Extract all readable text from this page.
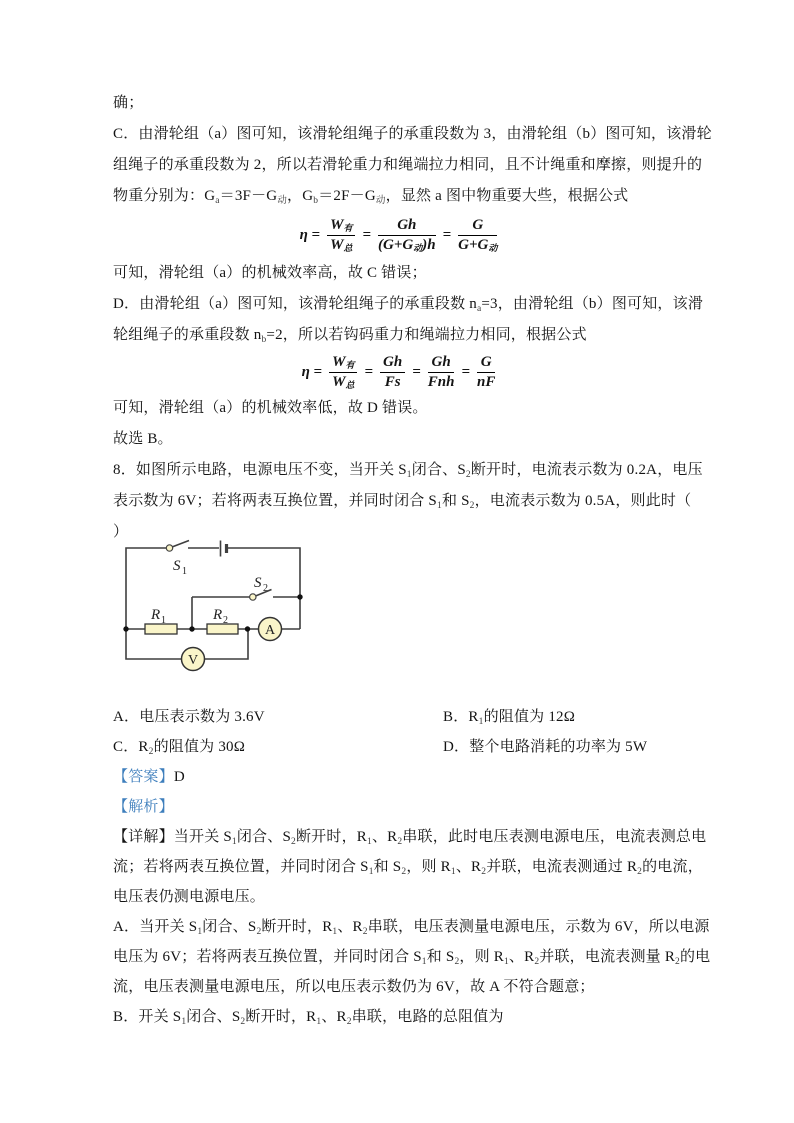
确；
C．由滑轮组（a）图可知，该滑轮组绳子的承重段数为 3，由滑轮组（b）图可知，该滑轮
组绳子的承重段数为 2，所以若滑轮重力和绳端拉力相同，且不计绳重和摩擦，则提升的
物重分别为：$G_a=3F-G_动$，$G_b=2F-G_动$，显然 a 图中物重要大些，根据公式
$\eta = \frac{W_有}{W_总} = \frac{Gh}{(G+G_动)h} = \frac{G}{G+G_动}$
可知，滑轮组（a）的机械效率高，故 C 错误；
D．由滑轮组（a）图可知，该滑轮组绳子的承重段数 $n_a=3$，由滑轮组（b）图可知，该滑
轮组绳子的承重段数 $n_b=2$，所以若钩码重力和绳端拉力相同，根据公式
$\eta = \frac{W_有}{W_总} = \frac{Gh}{Fs} = \frac{Gh}{\text{Fnh}} = \frac{G}{nF}$
可知，滑轮组（a）的机械效率低，故 D 错误。
故选 B。
8．如图所示电路，电源电压不变，当开关 $S_1$闭合、$S_2$断开时，电流表示数为 0.2A，电压
表示数为 6V；若将两表互换位置，并同时闭合 $S_1$和 $S_2$，电流表示数为 0.5A，则此时（
）
S 1
S 2
R 1	R 2
A
V
A．电压表示数为 3.6V	B．$R_1$的阻值为 12Ω
C．$R_2$的阻值为 30Ω	D．整个电路消耗的功率为 5W
【答案】D
【解析】
【详解】当开关 $S_1$闭合、$S_2$断开时，$R_1$、$R_2$串联，此时电压表测电源电压，电流表测总电
流；若将两表互换位置，并同时闭合 $S_1$和 $S_2$，则 $R_1$、$R_2$并联，电流表测通过 $R_2$的电流，
电压表仍测电源电压。
A．当开关 $S_1$闭合、$S_2$断开时，$R_1$、$R_2$串联，电压表测量电源电压，示数为 6V，所以电源
电压为 6V；若将两表互换位置，并同时闭合 $S_1$和 $S_2$，则 $R_1$、$R_2$并联，电流表测量 $R_2$的电
流，电压表测量电源电压，所以电压表示数仍为 6V，故 A 不符合题意；
B．开关 $S_1$闭合、$S_2$断开时，$R_1$、$R_2$串联，电路的总阻值为
